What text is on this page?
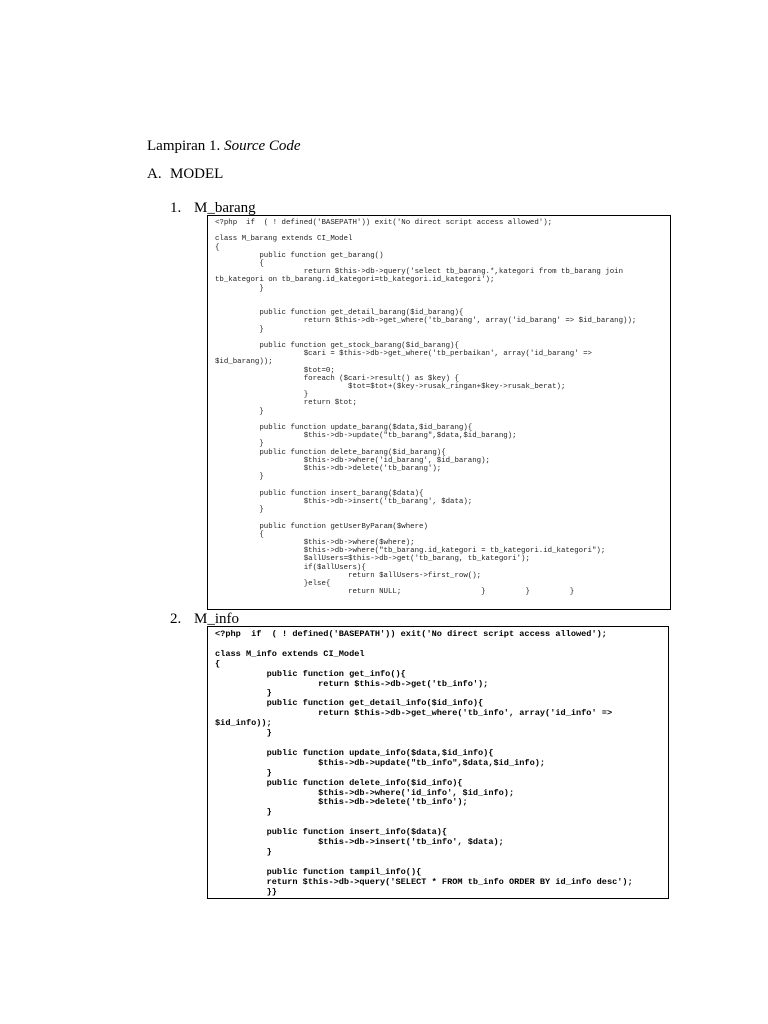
Lampiran 1. Source Code
A. MODEL
1. M_barang
<?php  if  ( ! defined('BASEPATH')) exit('No direct script access allowed');

class M_barang extends CI_Model
{
public function get_barang()
{
return $this->db->query('select tb_barang.*,kategori from tb_barang join
tb_kategori on tb_barang.id_kategori=tb_kategori.id_kategori');
}

public function get_detail_barang($id_barang){
return $this->db->get_where('tb_barang', array('id_barang' => $id_barang));
}

public function get_stock_barang($id_barang){
$cari = $this->db->get_where('tb_perbaikan', array('id_barang' =>
$id_barang));
$tot=0;
foreach ($cari->result() as $key) {
$tot=$tot+($key->rusak_ringan+$key->rusak_berat);
}
return $tot;
}

public function update_barang($data,$id_barang){
$this->db->update("tb_barang",$data,$id_barang);
}
public function delete_barang($id_barang){
$this->db->where('id_barang', $id_barang);
$this->db->delete('tb_barang');
}

public function insert_barang($data){
$this->db->insert('tb_barang', $data);
}

public function getUserByParam($where)
{
$this->db->where($where);
$this->db->where("tb_barang.id_kategori = tb_kategori.id_kategori");
$allUsers=$this->db->get('tb_barang, tb_kategori');
if($allUsers){
return $allUsers->first_row();
}else{
return NULL;                  }         }         }
2. M_info
<?php  if  ( ! defined('BASEPATH')) exit('No direct script access allowed');

class M_info extends CI_Model
{
public function get_info(){
return $this->db->get('tb_info');
}
public function get_detail_info($id_info){
return $this->db->get_where('tb_info', array('id_info' =>
$id_info));
}

public function update_info($data,$id_info){
$this->db->update("tb_info",$data,$id_info);
}
public function delete_info($id_info){
$this->db->where('id_info', $id_info);
$this->db->delete('tb_info');
}

public function insert_info($data){
$this->db->insert('tb_info', $data);
}

public function tampil_info(){
return $this->db->query('SELECT * FROM tb_info ORDER BY id_info desc');
}}
